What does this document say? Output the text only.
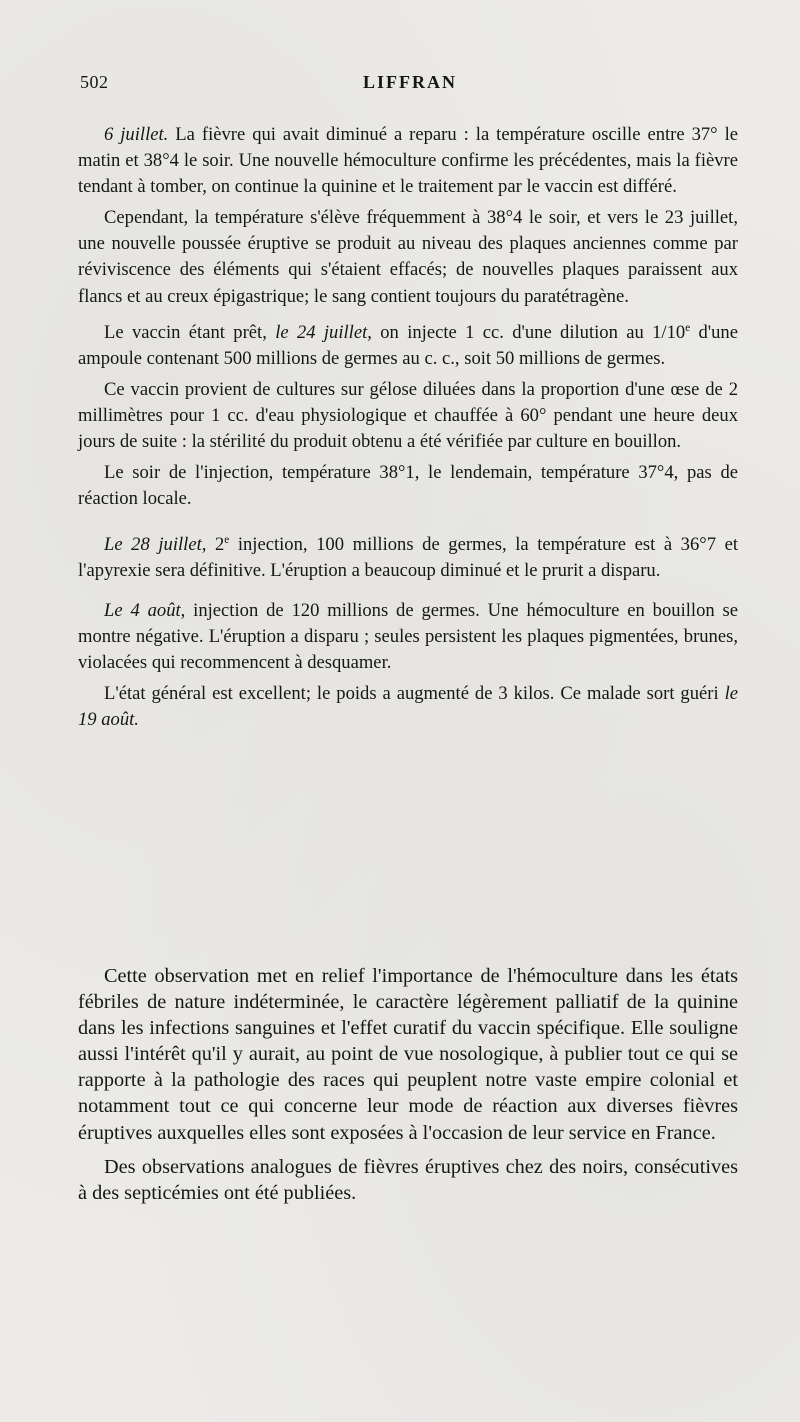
502	LIFFRAN

6 juillet. La fièvre qui avait diminué a reparu : la température oscille entre 37° le matin et 38°4 le soir. Une nouvelle hémoculture confirme les précédentes, mais la fièvre tendant à tomber, on continue la quinine et le traitement par le vaccin est différé.

Cependant, la température s'élève fréquemment à 38°4 le soir, et vers le 23 juillet, une nouvelle poussée éruptive se produit au niveau des plaques anciennes comme par réviviscence des éléments qui s'étaient effacés; de nouvelles plaques paraissent aux flancs et au creux épigastrique; le sang contient toujours du paratétragène.

Le vaccin étant prêt, le 24 juillet, on injecte 1 cc. d'une dilution au 1/10e d'une ampoule contenant 500 millions de germes au c. c., soit 50 millions de germes.

Ce vaccin provient de cultures sur gélose diluées dans la proportion d'une œse de 2 millimètres pour 1 cc. d'eau physiologique et chauffée à 60° pendant une heure deux jours de suite : la stérilité du produit obtenu a été vérifiée par culture en bouillon.

Le soir de l'injection, température 38°1, le lendemain, température 37°4, pas de réaction locale.

Le 28 juillet, 2e injection, 100 millions de germes, la température est à 36°7 et l'apyrexie sera définitive. L'éruption a beaucoup diminué et le prurit a disparu.

Le 4 août, injection de 120 millions de germes. Une hémoculture en bouillon se montre négative. L'éruption a disparu ; seules persistent les plaques pigmentées, brunes, violacées qui recommencent à desquamer.

L'état général est excellent; le poids a augmenté de 3 kilos. Ce malade sort guéri le 19 août.

Cette observation met en relief l'importance de l'hémoculture dans les états fébriles de nature indéterminée, le caractère légèrement palliatif de la quinine dans les infections sanguines et l'effet curatif du vaccin spécifique. Elle souligne aussi l'intérêt qu'il y aurait, au point de vue nosologique, à publier tout ce qui se rapporte à la pathologie des races qui peuplent notre vaste empire colonial et notamment tout ce qui concerne leur mode de réaction aux diverses fièvres éruptives auxquelles elles sont exposées à l'occasion de leur service en France.

Des observations analogues de fièvres éruptives chez des noirs, consécutives à des septicémies ont été publiées.
